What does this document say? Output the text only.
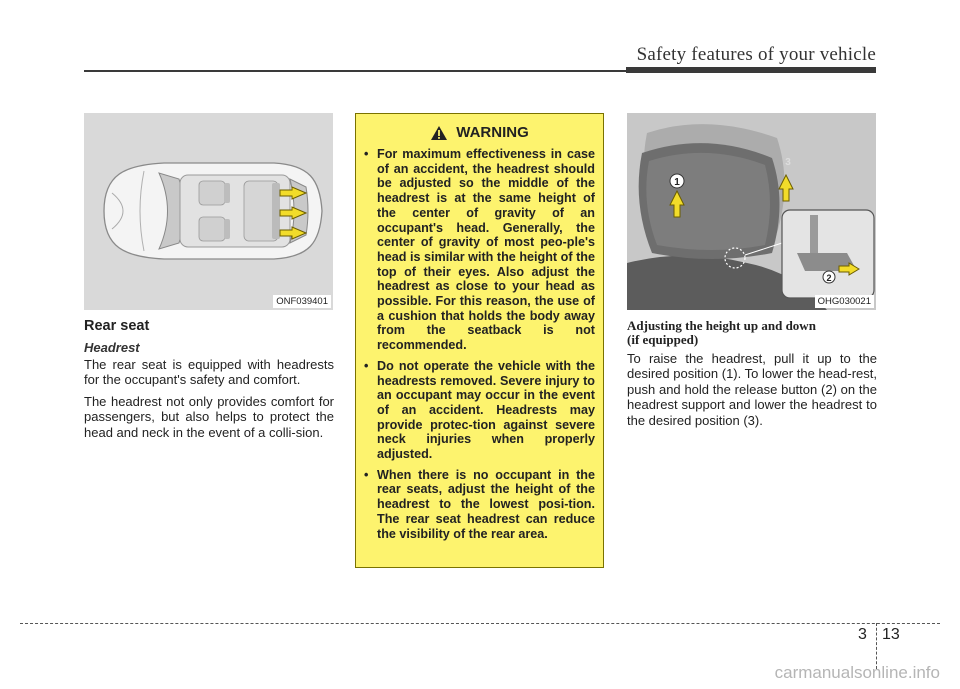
Safety features of your vehicle
ONF039401
Rear seat
Headrest

The rear seat is equipped with headrests for the occupant's safety and comfort.

The headrest not only provides comfort for passengers, but also helps to protect the head and neck in the event of a colli-sion.

WARNING
• For maximum effectiveness in case of an accident, the headrest should be adjusted so the middle of the headrest is at the same height of the center of gravity of an occupant's head. Generally, the center of gravity of most peo-ple's head is similar with the height of the top of their eyes. Also adjust the headrest as close to your head as possible. For this reason, the use of a cushion that holds the body away from the seatback is not recommended.
• Do not operate the vehicle with the headrests removed. Severe injury to an occupant may occur in the event of an accident. Headrests may provide protec-tion against severe neck injuries when properly adjusted.
• When there is no occupant in the rear seats, adjust the height of the headrest to the lowest posi-tion. The rear seat headrest can reduce the visibility of the rear area.
1
3
2
OHG030021
Adjusting the height up and down
(if equipped)

To raise the headrest, pull it up to the desired position (1). To lower the head-rest, push and hold the release button (2) on the headrest support and lower the headrest to the desired position (3).

3 13
carmanualsonline.info
